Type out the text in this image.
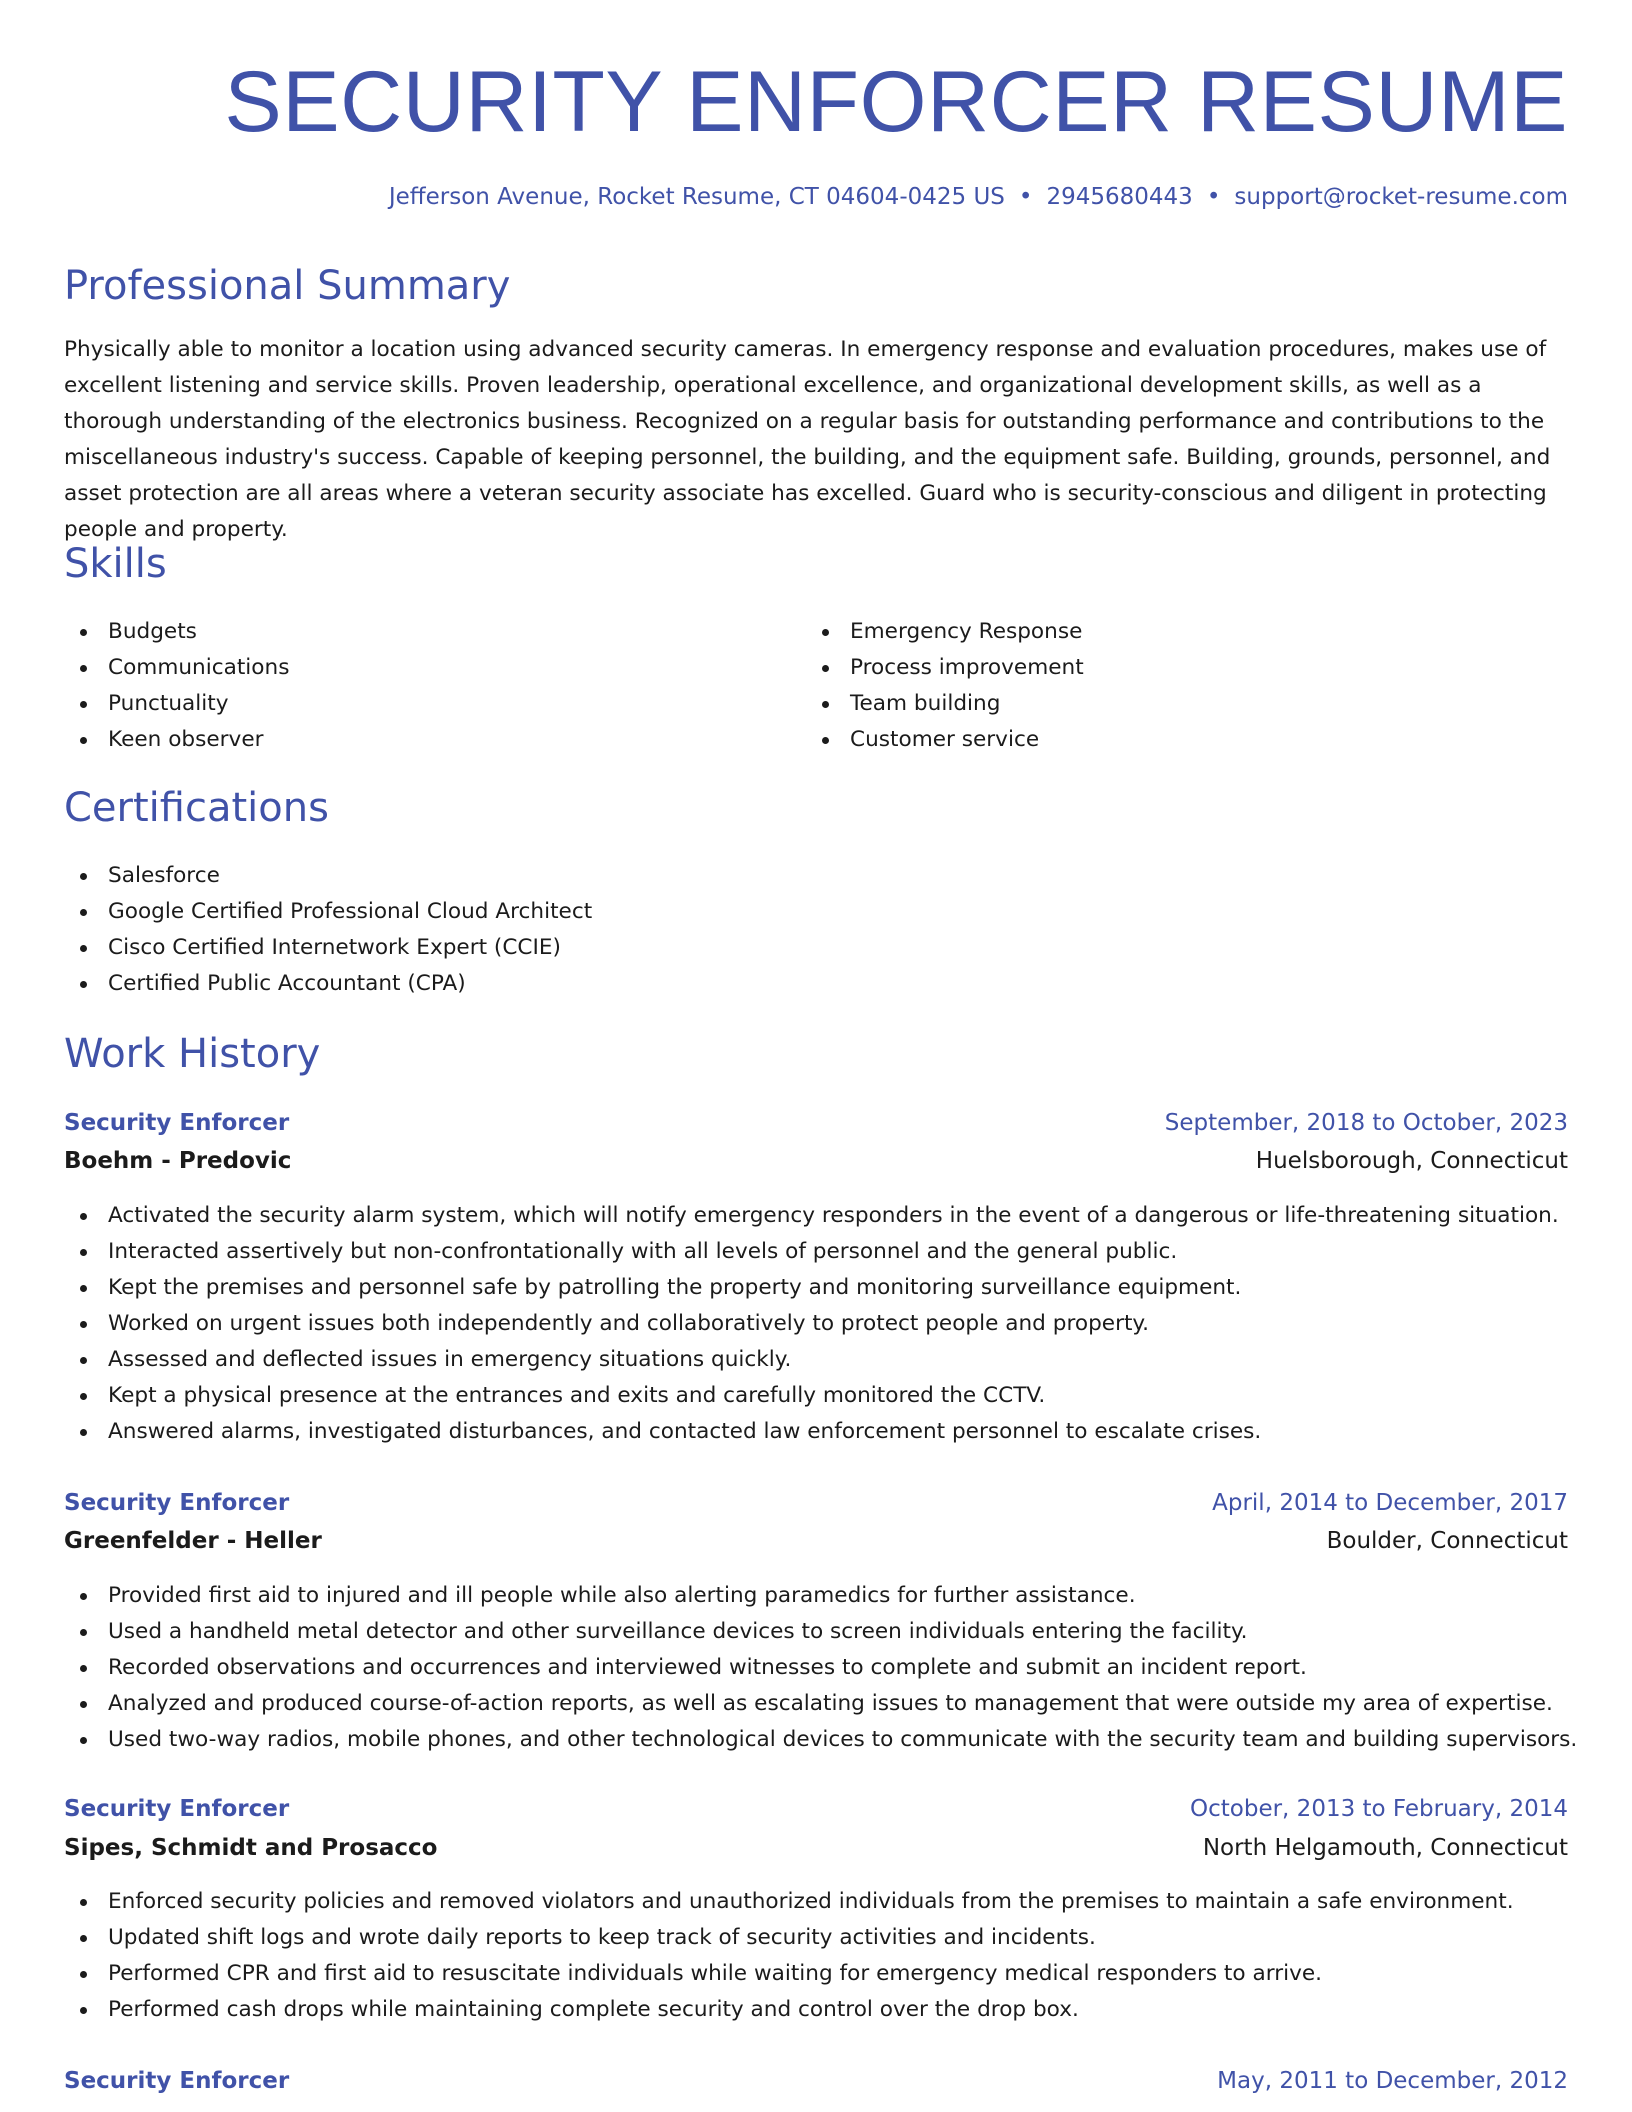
SECURITY ENFORCER RESUME
Jefferson Avenue, Rocket Resume, CT 04604-0425 US • 2945680443 • support@rocket-resume.com
Professional Summary

Physically able to monitor a location using advanced security cameras. In emergency response and evaluation procedures, makes use of excellent listening and service skills. Proven leadership, operational excellence, and organizational development skills, as well as a thorough understanding of the electronics business. Recognized on a regular basis for outstanding performance and contributions to the miscellaneous industry's success. Capable of keeping personnel, the building, and the equipment safe. Building, grounds, personnel, and asset protection are all areas where a veteran security associate has excelled. Guard who is security-conscious and diligent in protecting people and property.

Skills
Budgets
Communications
Punctuality
Keen observer
Emergency Response
Process improvement
Team building
Customer service
Certifications
Salesforce
Google Certified Professional Cloud Architect
Cisco Certified Internetwork Expert (CCIE)
Certified Public Accountant (CPA)
Work History
Security Enforcer	September, 2018 to October, 2023
Boehm - Predovic	Huelsborough, Connecticut
Activated the security alarm system, which will notify emergency responders in the event of a dangerous or life-threatening situation.
Interacted assertively but non-confrontationally with all levels of personnel and the general public.
Kept the premises and personnel safe by patrolling the property and monitoring surveillance equipment.
Worked on urgent issues both independently and collaboratively to protect people and property.
Assessed and deflected issues in emergency situations quickly.
Kept a physical presence at the entrances and exits and carefully monitored the CCTV.
Answered alarms, investigated disturbances, and contacted law enforcement personnel to escalate crises.
Security Enforcer	April, 2014 to December, 2017
Greenfelder - Heller	Boulder, Connecticut
Provided first aid to injured and ill people while also alerting paramedics for further assistance.
Used a handheld metal detector and other surveillance devices to screen individuals entering the facility.
Recorded observations and occurrences and interviewed witnesses to complete and submit an incident report.
Analyzed and produced course-of-action reports, as well as escalating issues to management that were outside my area of expertise.
Used two-way radios, mobile phones, and other technological devices to communicate with the security team and building supervisors.
Security Enforcer	October, 2013 to February, 2014
Sipes, Schmidt and Prosacco	North Helgamouth, Connecticut
Enforced security policies and removed violators and unauthorized individuals from the premises to maintain a safe environment.
Updated shift logs and wrote daily reports to keep track of security activities and incidents.
Performed CPR and first aid to resuscitate individuals while waiting for emergency medical responders to arrive.
Performed cash drops while maintaining complete security and control over the drop box.
Security Enforcer	May, 2011 to December, 2012
